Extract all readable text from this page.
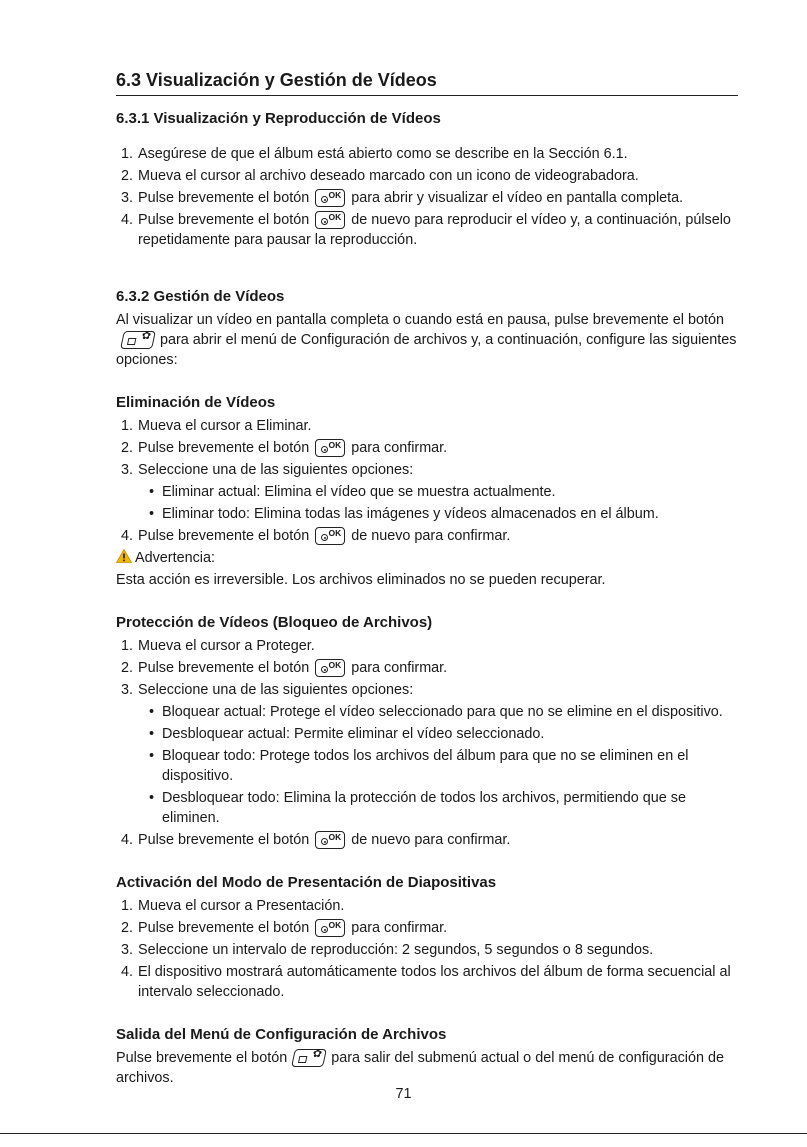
6.3 Visualización y Gestión de Vídeos
6.3.1 Visualización y Reproducción de Vídeos
1. Asegúrese de que el álbum está abierto como se describe en la Sección 6.1.
2. Mueva el cursor al archivo deseado marcado con un icono de videograbadora.
3. Pulse brevemente el botón OK para abrir y visualizar el vídeo en pantalla completa.
4. Pulse brevemente el botón OK de nuevo para reproducir el vídeo y, a continuación, púlselo repetidamente para pausar la reproducción.
6.3.2 Gestión de Vídeos

Al visualizar un vídeo en pantalla completa o cuando está en pausa, pulse brevemente el botón
✿ para abrir el menú de Configuración de archivos y, a continuación, configure las siguientes opciones:

Eliminación de Vídeos
1. Mueva el cursor a Eliminar.
2. Pulse brevemente el botón OK para confirmar.
3. Seleccione una de las siguientes opciones:
• Eliminar actual: Elimina el vídeo que se muestra actualmente.
• Eliminar todo: Elimina todas las imágenes y vídeos almacenados en el álbum.
4. Pulse brevemente el botón OK de nuevo para confirmar.

Advertencia:

Esta acción es irreversible. Los archivos eliminados no se pueden recuperar.

Protección de Vídeos (Bloqueo de Archivos)
1. Mueva el cursor a Proteger.
2. Pulse brevemente el botón OK para confirmar.
3. Seleccione una de las siguientes opciones:
• Bloquear actual: Protege el vídeo seleccionado para que no se elimine en el dispositivo.
• Desbloquear actual: Permite eliminar el vídeo seleccionado.
• Bloquear todo: Protege todos los archivos del álbum para que no se eliminen en el dispositivo.
• Desbloquear todo: Elimina la protección de todos los archivos, permitiendo que se eliminen.
4. Pulse brevemente el botón OK de nuevo para confirmar.
Activación del Modo de Presentación de Diapositivas
1. Mueva el cursor a Presentación.
2. Pulse brevemente el botón OK para confirmar.
3. Seleccione un intervalo de reproducción: 2 segundos, 5 segundos o 8 segundos.
4. El dispositivo mostrará automáticamente todos los archivos del álbum de forma secuencial al intervalo seleccionado.
Salida del Menú de Configuración de Archivos

Pulse brevemente el botón ✿ para salir del submenú actual o del menú de configuración de archivos.

71
